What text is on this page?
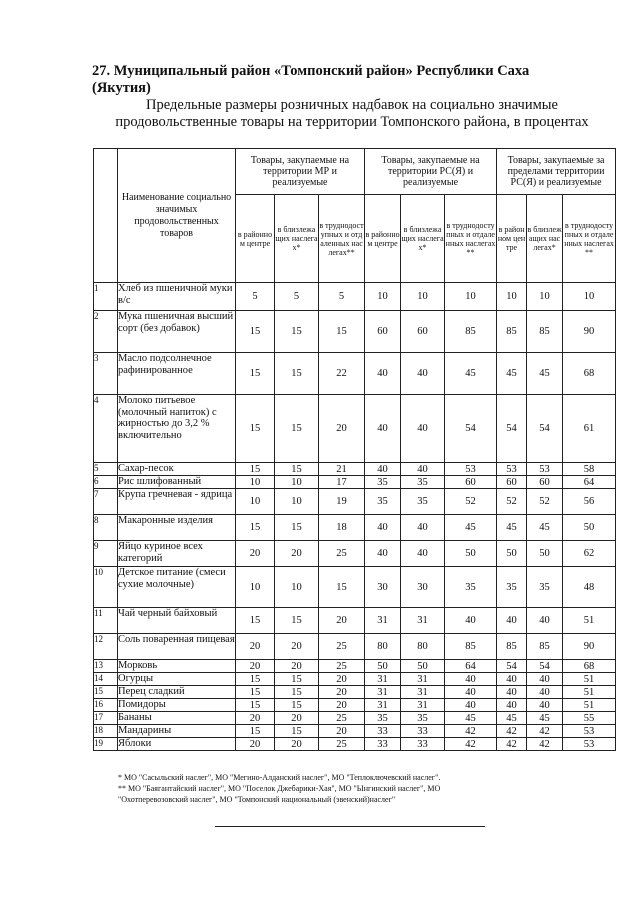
27. Муниципальный район «Томпонский район» Республики Саха
(Якутия)
Предельные размеры розничных надбавок на социально значимые
продовольственные товары на территории Томпонского района, в процентах
	Наименование социально значимых продовольственных товаров	Товары, закупаемые на территории МР и реализуемые			Товары, закупаемые на территории РС(Я) и реализуемые			Товары, закупаемые за пределами территории РС(Я) и реализуемые		
		в районном центре	в близлежащих наслегах*	в труднодоступных и отдаленных наслегах**	в районном центре	в близлежащих наслегах*	в труднодоступных и отдаленных наслегах**	в районном центре	в близлежащих наслегах*	в труднодоступных и отдаленных наслегах**
1	Хлеб из пшеничной муки в/с	5	5	5	10	10	10	10	10	10
2	Мука пшеничная высший сорт (без добавок)	15	15	15	60	60	85	85	85	90
3	Масло подсолнечное рафинированное	15	15	22	40	40	45	45	45	68
4	Молоко питьевое (молочный напиток) с жирностью до 3,2 % включительно	15	15	20	40	40	54	54	54	61
5	Сахар-песок	15	15	21	40	40	53	53	53	58
6	Рис шлифованный	10	10	17	35	35	60	60	60	64
7	Крупа гречневая - ядрица	10	10	19	35	35	52	52	52	56
8	Макаронные изделия	15	15	18	40	40	45	45	45	50
9	Яйцо куриное всех категорий	20	20	25	40	40	50	50	50	62
10	Детское питание (смеси сухие молочные)	10	10	15	30	30	35	35	35	48
11	Чай черный байховый	15	15	20	31	31	40	40	40	51
12	Соль поваренная пищевая	20	20	25	80	80	85	85	85	90
13	Морковь	20	20	25	50	50	64	54	54	68
14	Огурцы	15	15	20	31	31	40	40	40	51
15	Перец сладкий	15	15	20	31	31	40	40	40	51
16	Помидоры	15	15	20	31	31	40	40	40	51
17	Бананы	20	20	25	35	35	45	45	45	55
18	Мандарины	15	15	20	33	33	42	42	42	53
19	Яблоки	20	20	25	33	33	42	42	42	53
* МО "Сасыльский наслег", МО "Мегино-Алданский наслег", МО "Теплоключевский наслег".
** МО "Баягантайский наслег", МО "Поселок Джебарики-Хая", МО "Ынгинский наслег", МО
"Охотперевозовский наслег", МО "Томпонский национальный (эвенский)наслег"
